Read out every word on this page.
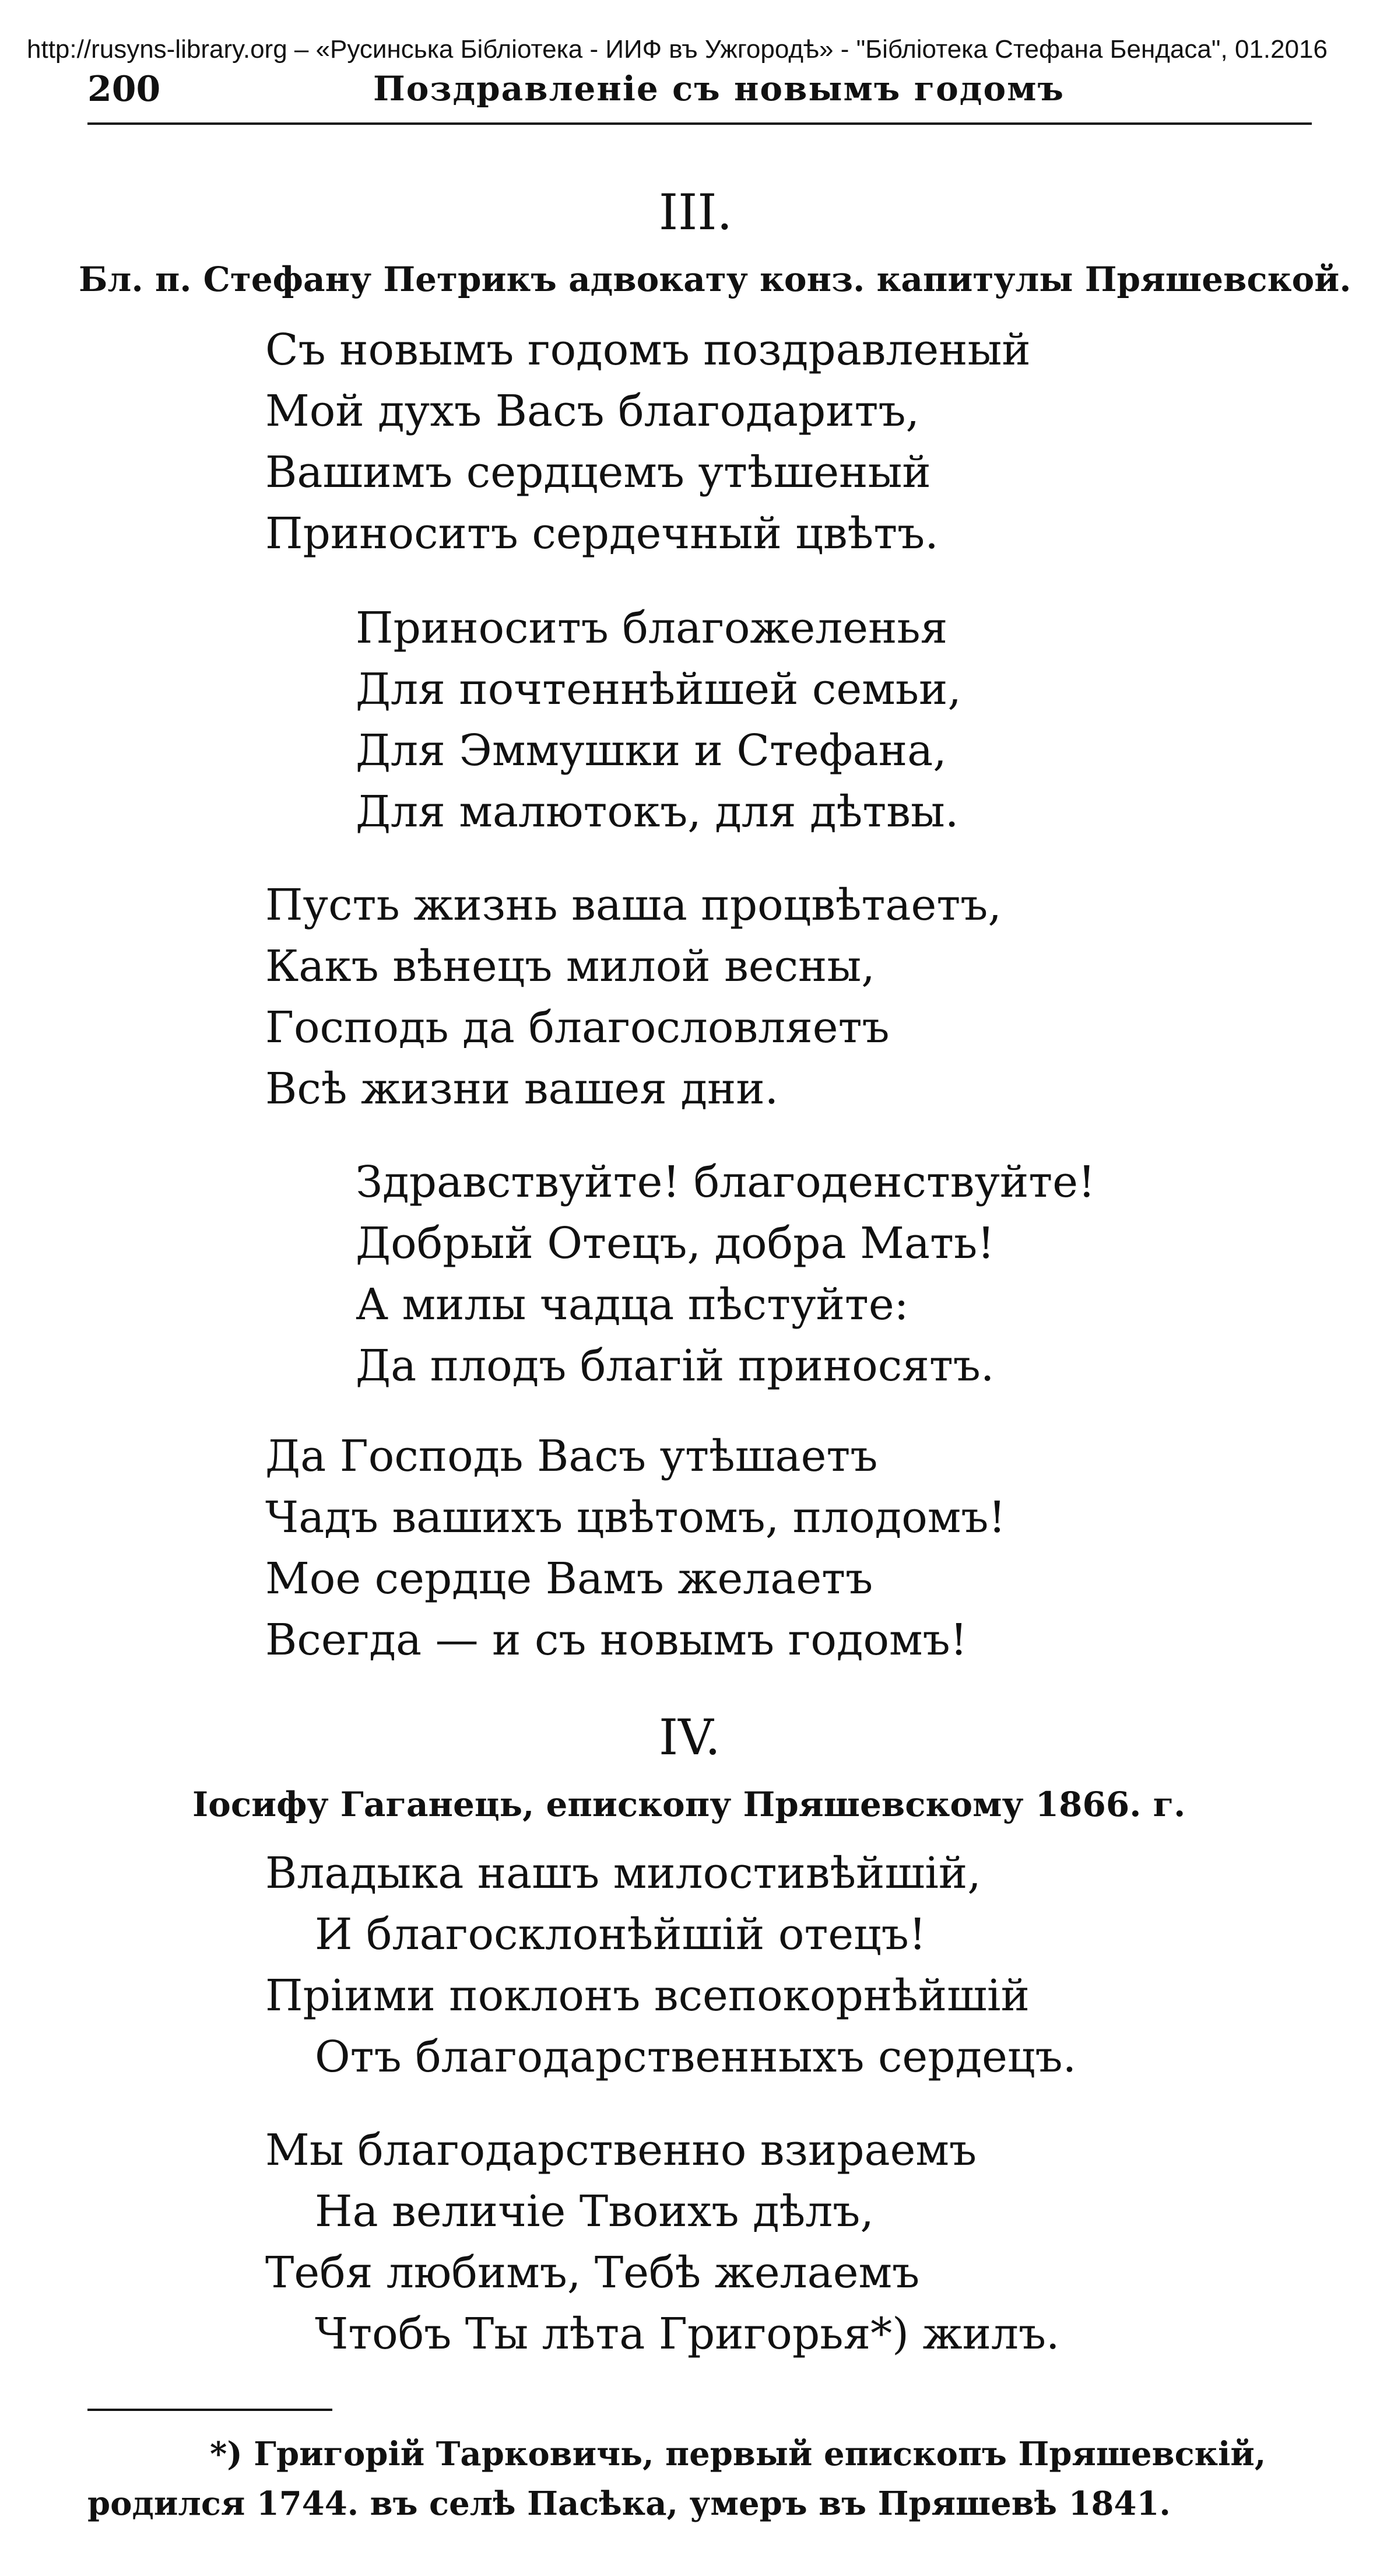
http://rusyns-library.org – «Русинська Бібліотека - ИИФ въ Ужгородѣ» - "Бібліотека Стефана Бендаса", 01.2016
200	Поздравленіе съ новымъ годомъ
III.
Бл. п. Стефану Петрикъ адвокату конз. капитулы Пряшевской.
Съ новымъ годомъ поздравленый
Мой духъ Васъ благодаритъ,
Вашимъ сердцемъ утѣшеный
Приноситъ сердечный цвѣтъ.
Приноситъ благожеленья
Для почтеннѣйшей семьи,
Для Эммушки и Стефана,
Для малютокъ, для дѣтвы.
Пусть жизнь ваша процвѣтаетъ,
Какъ вѣнецъ милой весны,
Господь да благословляетъ
Всѣ жизни вашея дни.
Здравствуйте! благоденствуйте!
Добрый Отецъ, добра Мать!
А милы чадца пѣстуйте:
Да плодъ благій приносятъ.
Да Господь Васъ утѣшаетъ
Чадъ вашихъ цвѣтомъ, плодомъ!
Мое сердце Вамъ желаетъ
Всегда — и съ новымъ годомъ!
IV.
Іосифу Гаганець, епископу Пряшевскому 1866. г.
Владыка нашъ милостивѣйшій,
И благосклонѣйшій отецъ!
Пріими поклонъ всепокорнѣйшій
Отъ благодарственныхъ сердецъ.
Мы благодарственно взираемъ
На величіе Твоихъ дѣлъ,
Тебя любимъ, Тебѣ желаемъ
Чтобъ Ты лѣта Григорья*) жилъ.
*) Григорій Тарковичь, первый епископъ Пряшевскій,
родился 1744. въ селѣ Пасѣка, умеръ въ Пряшевѣ 1841.
